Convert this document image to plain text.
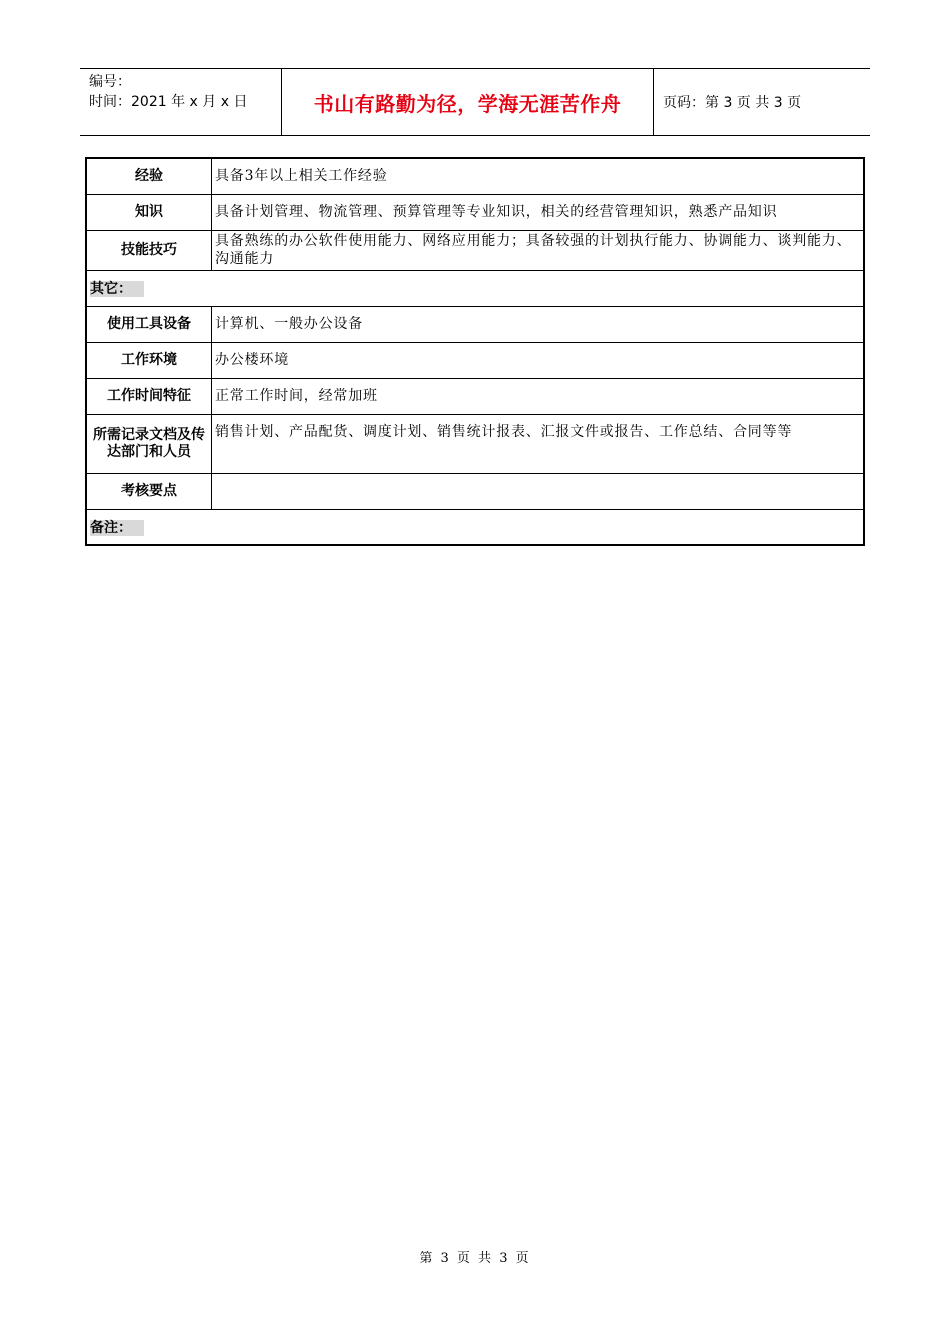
编号：
时间：2021 年 x 月 x 日	书山有路勤为径，学海无涯苦作舟	页码：第 3 页 共 3 页
经验	具备3年以上相关工作经验
知识	具备计划管理、物流管理、预算管理等专业知识，相关的经营管理知识，熟悉产品知识
技能技巧	具备熟练的办公软件使用能力、网络应用能力；具备较强的计划执行能力、协调能力、谈判能力、沟通能力
其它：	
使用工具设备	计算机、一般办公设备
工作环境	办公楼环境
工作时间特征	正常工作时间，经常加班
所需记录文档及传达部门和人员	销售计划、产品配货、调度计划、销售统计报表、汇报文件或报告、工作总结、合同等等
考核要点	
备注：	
第 3 页 共 3 页
